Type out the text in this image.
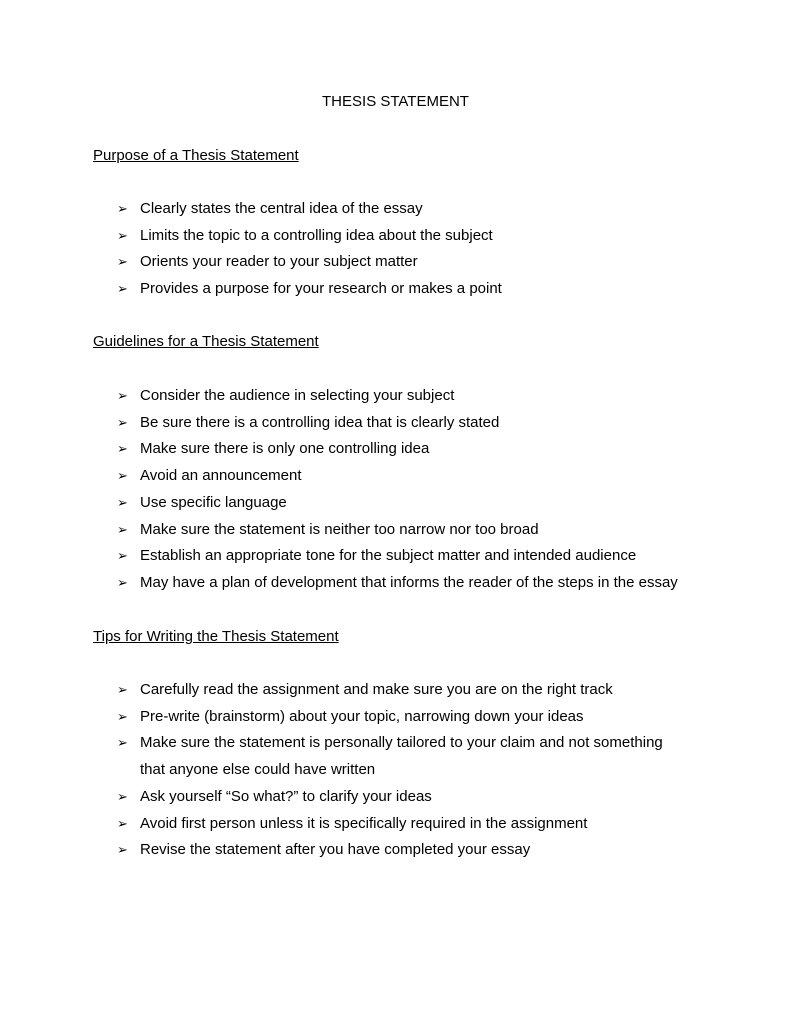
THESIS STATEMENT
Purpose of a Thesis Statement
➢ Clearly states the central idea of the essay
➢ Limits the topic to a controlling idea about the subject
➢ Orients your reader to your subject matter
➢ Provides a purpose for your research or makes a point
Guidelines for a Thesis Statement
➢ Consider the audience in selecting your subject
➢ Be sure there is a controlling idea that is clearly stated
➢ Make sure there is only one controlling idea
➢ Avoid an announcement
➢ Use specific language
➢ Make sure the statement is neither too narrow nor too broad
➢ Establish an appropriate tone for the subject matter and intended audience
➢ May have a plan of development that informs the reader of the steps in the essay
Tips for Writing the Thesis Statement
➢ Carefully read the assignment and make sure you are on the right track
➢ Pre-write (brainstorm) about your topic, narrowing down your ideas
➢ Make sure the statement is personally tailored to your claim and not something that anyone else could have written
➢ Ask yourself “So what?” to clarify your ideas
➢ Avoid first person unless it is specifically required in the assignment
➢ Revise the statement after you have completed your essay
